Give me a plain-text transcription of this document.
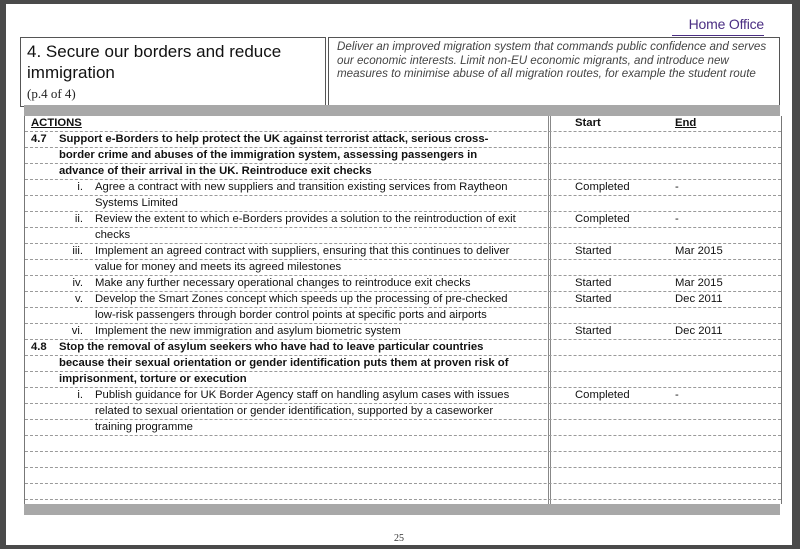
Home Office
4. Secure our borders and reduce immigration
(p.4 of 4)
Deliver an improved migration system that commands public confidence and serves our economic interests. Limit non-EU economic migrants, and introduce new measures to minimise abuse of all migration routes, for example the student route
ACTIONS	Start	End
4.7 Support e-Borders to help protect the UK against terrorist attack, serious cross-
border crime and abuses of the immigration system, assessing passengers in
advance of their arrival in the UK. Reintroduce exit checks
i. Agree a contract with new suppliers and transition existing services from Raytheon	Completed	-
Systems Limited
ii. Review the extent to which e-Borders provides a solution to the reintroduction of exit	Completed	-
checks
iii. Implement an agreed contract with suppliers, ensuring that this continues to deliver	Started	Mar 2015
value for money and meets its agreed milestones
iv. Make any further necessary operational changes to reintroduce exit checks	Started	Mar 2015
v. Develop the Smart Zones concept which speeds up the processing of pre-checked	Started	Dec 2011
low-risk passengers through border control points at specific ports and airports
vi. Implement the new immigration and asylum biometric system	Started	Dec 2011
4.8 Stop the removal of asylum seekers who have had to leave particular countries
because their sexual orientation or gender identification puts them at proven risk of
imprisonment, torture or execution
i. Publish guidance for UK Border Agency staff on handling asylum cases with issues	Completed	-
related to sexual orientation or gender identification, supported by a caseworker
training programme
25
